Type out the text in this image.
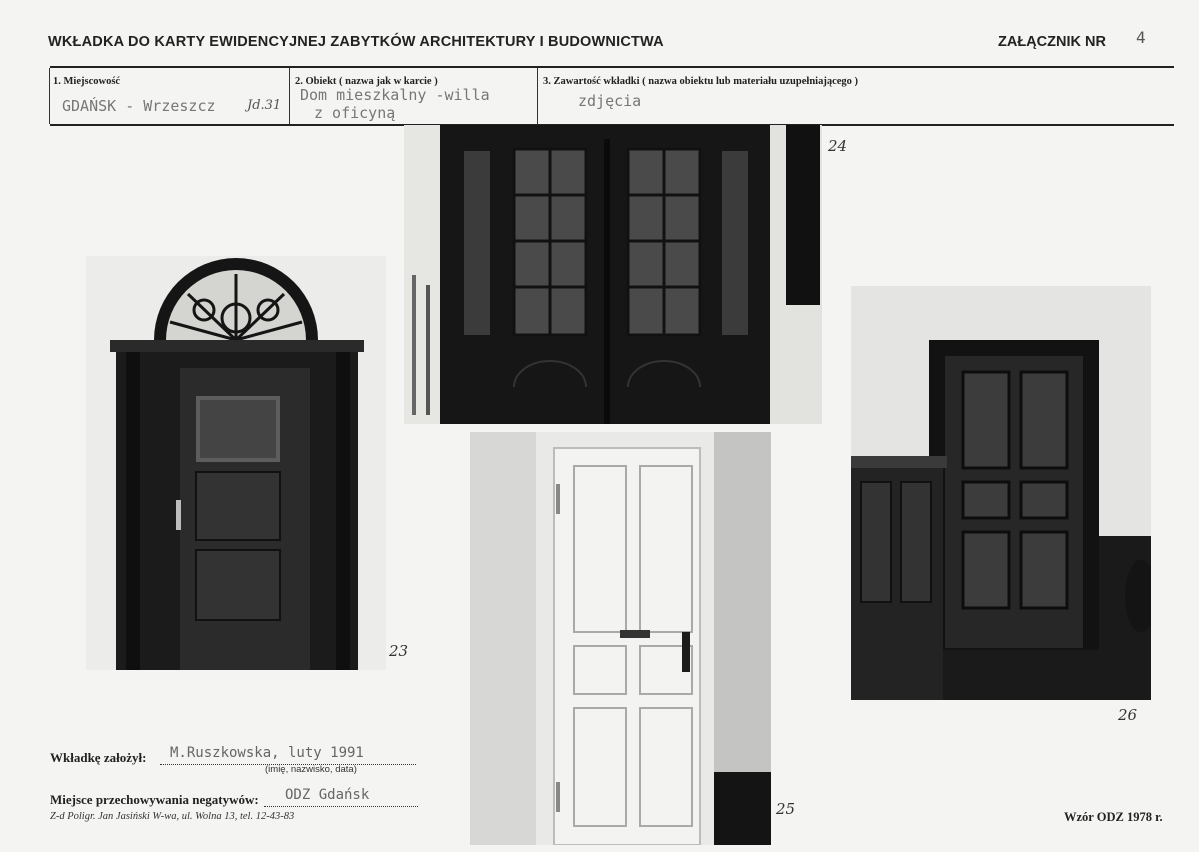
WKŁADKA DO KARTY EWIDENCYJNEJ ZABYTKÓW ARCHITEKTURY I BUDOWNICTWA	ZAŁĄCZNIK NR 4
1. Miejscowość
GDAŃSK - Wrzeszcz Jd.31
2. Obiekt ( nazwa jak w karcie )
Dom mieszkalny -willa
z oficyną
3. Zawartość wkładki ( nazwa obiektu lub materiału uzupełniającego )
zdjęcia
23
24
25
26
Wkładkę założył: M.Ruszkowska, luty 1991
(imię, nazwisko, data)
Miejsce przechowywania negatywów: ODZ Gdańsk
Z-d Poligr. Jan Jasiński W-wa, ul. Wolna 13, tel. 12-43-83	Wzór ODZ 1978 r.
